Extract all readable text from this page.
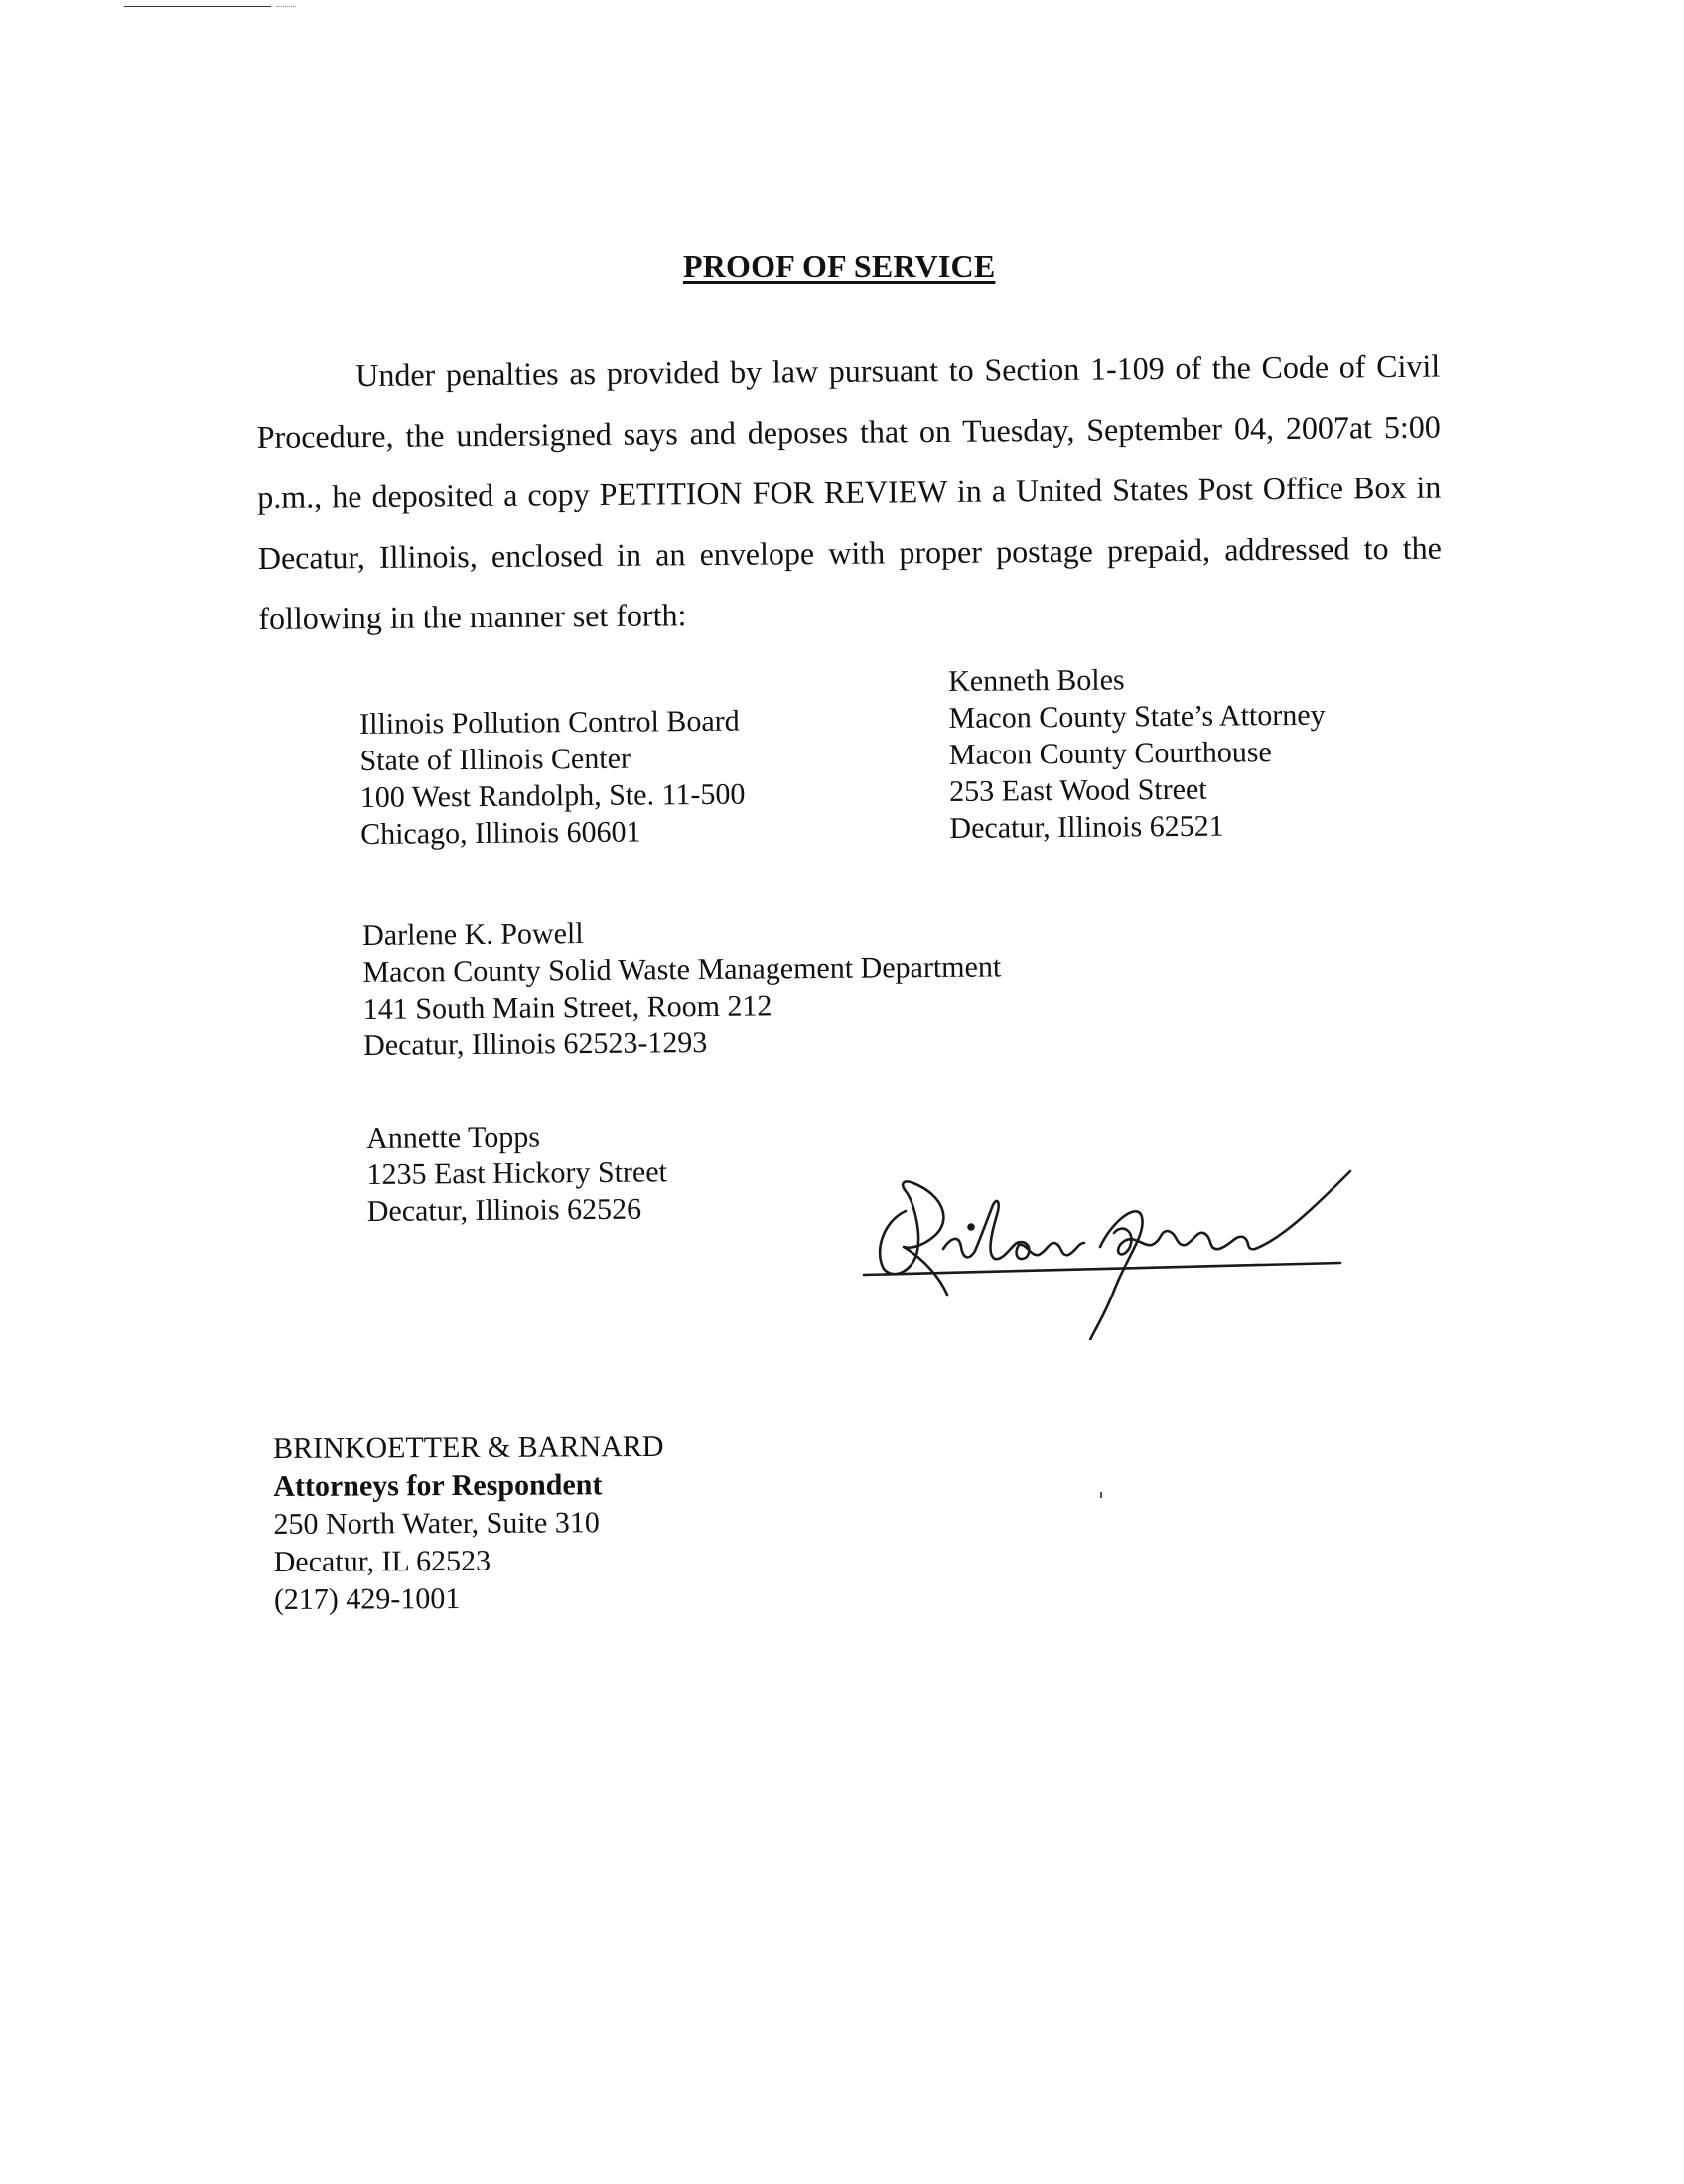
PROOF OF SERVICE

Under penalties as provided by law pursuant to Section 1-109 of the Code of Civil Procedure, the undersigned says and deposes that on Tuesday, September 04, 2007at 5:00 p.m., he deposited a copy PETITION FOR REVIEW in a United States Post Office Box in Decatur, Illinois, enclosed in an envelope with proper postage prepaid, addressed to the following in the manner set forth:

Illinois Pollution Control Board
State of Illinois Center
100 West Randolph, Ste. 11-500
Chicago, Illinois 60601
Kenneth Boles
Macon County State’s Attorney
Macon County Courthouse
253 East Wood Street
Decatur, Illinois 62521
Darlene K. Powell
Macon County Solid Waste Management Department
141 South Main Street, Room 212
Decatur, Illinois 62523-1293
Annette Topps
1235 East Hickory Street
Decatur, Illinois 62526
BRINKOETTER & BARNARD
Attorneys for Respondent
250 North Water, Suite 310
Decatur, IL 62523
(217) 429-1001
